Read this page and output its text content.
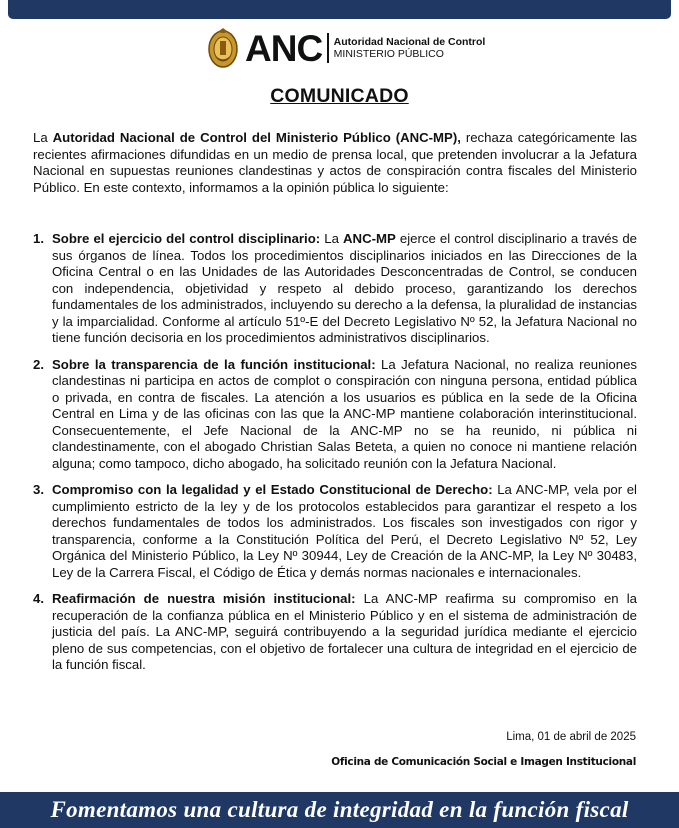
ANC Autoridad Nacional de Control
MINISTERIO PÚBLICO
COMUNICADO

La Autoridad Nacional de Control del Ministerio Público (ANC-MP), rechaza categóricamente las recientes afirmaciones difundidas en un medio de prensa local, que pretenden involucrar a la Jefatura Nacional en supuestas reuniones clandestinas y actos de conspiración contra fiscales del Ministerio Público. En este contexto, informamos a la opinión pública lo siguiente:

1. Sobre el ejercicio del control disciplinario: La ANC-MP ejerce el control disciplinario a través de sus órganos de línea. Todos los procedimientos disciplinarios iniciados en las Direcciones de la Oficina Central o en las Unidades de las Autoridades Desconcentradas de Control, se conducen con independencia, objetividad y respeto al debido proceso, garantizando los derechos fundamentales de los administrados, incluyendo su derecho a la defensa, la pluralidad de instancias y la imparcialidad. Conforme al artículo 51º-E del Decreto Legislativo Nº 52, la Jefatura Nacional no tiene función decisoria en los procedimientos administrativos disciplinarios.
2. Sobre la transparencia de la función institucional: La Jefatura Nacional, no realiza reuniones clandestinas ni participa en actos de complot o conspiración con ninguna persona, entidad pública o privada, en contra de fiscales. La atención a los usuarios es pública en la sede de la Oficina Central en Lima y de las oficinas con las que la ANC-MP mantiene colaboración interinstitucional. Consecuentemente, el Jefe Nacional de la ANC-MP no se ha reunido, ni pública ni clandestinamente, con el abogado Christian Salas Beteta, a quien no conoce ni mantiene relación alguna; como tampoco, dicho abogado, ha solicitado reunión con la Jefatura Nacional.
3. Compromiso con la legalidad y el Estado Constitucional de Derecho: La ANC-MP, vela por el cumplimiento estricto de la ley y de los protocolos establecidos para garantizar el respeto a los derechos fundamentales de todos los administrados. Los fiscales son investigados con rigor y transparencia, conforme a la Constitución Política del Perú, el Decreto Legislativo Nº 52, Ley Orgánica del Ministerio Público, la Ley Nº 30944, Ley de Creación de la ANC-MP, la Ley Nº 30483, Ley de la Carrera Fiscal, el Código de Ética y demás normas nacionales e internacionales.
4. Reafirmación de nuestra misión institucional: La ANC-MP reafirma su compromiso en la recuperación de la confianza pública en el Ministerio Público y en el sistema de administración de justicia del país. La ANC-MP, seguirá contribuyendo a la seguridad jurídica mediante el ejercicio pleno de sus competencias, con el objetivo de fortalecer una cultura de integridad en el ejercicio de la función fiscal.
Lima, 01 de abril de 2025
Oficina de Comunicación Social e Imagen Institucional
Fomentamos una cultura de integridad en la función fiscal
